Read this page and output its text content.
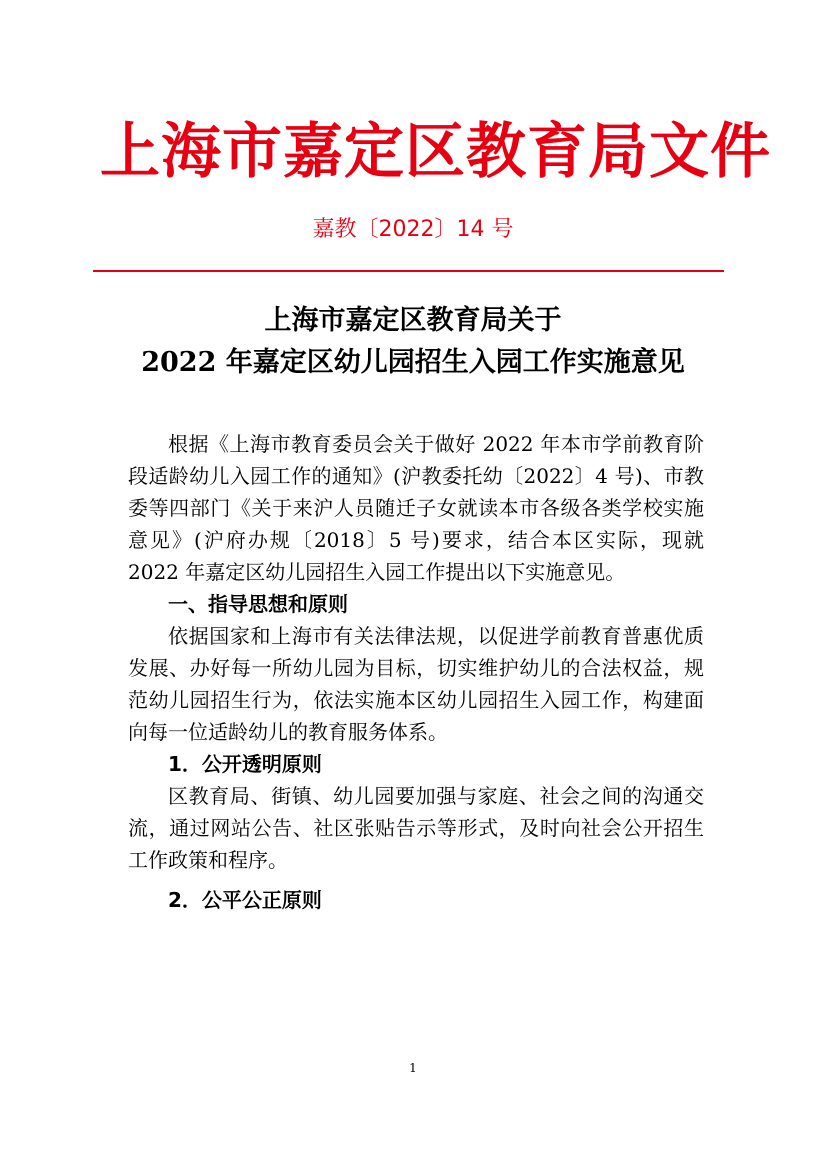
上海市嘉定区教育局文件
嘉教〔2022〕14 号
上海市嘉定区教育局关于
2022 年嘉定区幼儿园招生入园工作实施意见

根据《上海市教育委员会关于做好 2022 年本市学前教育阶段适龄幼儿入园工作的通知》(沪教委托幼〔2022〕4 号)、市教委等四部门《关于来沪人员随迁子女就读本市各级各类学校实施意见》(沪府办规〔2018〕5 号)要求，结合本区实际，现就 2022 年嘉定区幼儿园招生入园工作提出以下实施意见。

一、指导思想和原则

依据国家和上海市有关法律法规，以促进学前教育普惠优质发展、办好每一所幼儿园为目标，切实维护幼儿的合法权益，规范幼儿园招生行为，依法实施本区幼儿园招生入园工作，构建面向每一位适龄幼儿的教育服务体系。

1．公开透明原则

区教育局、街镇、幼儿园要加强与家庭、社会之间的沟通交流，通过网站公告、社区张贴告示等形式，及时向社会公开招生工作政策和程序。

2．公平公正原则

1
